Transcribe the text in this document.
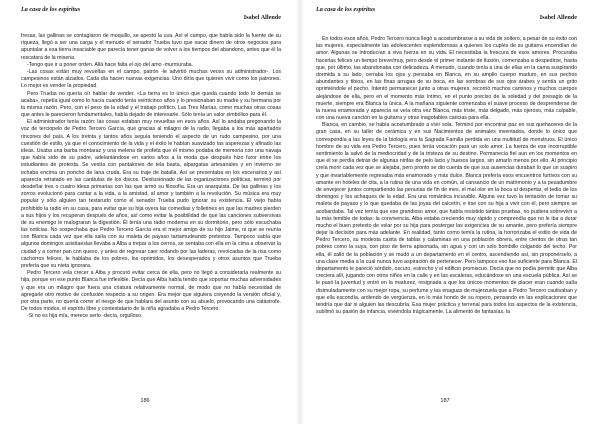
La casa de los espíritus
Isabel Allende

fresas, las gallinas se contagiaron de moquillo, se apestó la uva. Así el campo, que había sido la fuente de su riqueza, llegó a ser una carga y el menudo el senador Trueba tuvo que sacar dinero de otros negocios para apuntalar a esa tierra insaciable que parecía tener ganas de volver a los tiempos del abandono, antes que él la rescatara de la miseria.

-Tengo que ir a poner orden. Allá hace falta el ojo del amo -murmuraba.

-Las cosas están muy revueltas en el campo, patrón -le advirtió muchas veces su administrador-. Los campesinos están alzados. Cada día hacen nuevas exigencias. Uno diría que quieren vivir como los patrones. Lo mejor es vender la propiedad.

Pero Trueba no quería oír hablar de vender. «La tierra es lo único que queda cuando todo lo demás se acaba», repetía igual como lo hacía cuando tenía veinticinco años y lo presionaban su madre y su hermana por la misma razón. Pero, con el peso de la edad y el trabajo político, Las Tres Marías, como muchas otras cosas que antes le parecieron fundamentales, había dejado de interesarle. Sólo tenía un valor simbólico para él.

El administrador tenía razón: las cosas estaban muy revueltas en esos años. Así lo andaba pregonando la voz de terciopelo de Pedro Tercero García, que gracias al milagro de la radio, llegaba a los más apartados rincones del país. A los treinta y tantos años seguía teniendo el aspecto de un rudo campesino, por una cuestión de estilo, ya que el conocimiento de la vida y el éxito le habían suavizado las asperezas y afinado las ideas. Usaba una barba montaraz y una melena de profeta que él mismo podaba de memoria con una navaja que había sido de su padre, adelantándose en varios años a la moda que después hizo furor entre los estudiantes de protesta. Se vestía con pantalones de tela basta, alpargatas artesanales y en invierno se echaba encima un poncho de lana cruda. Era su traje de batalla. Así se presentaba en los escenarios y así aparecía retratado en las carátulas de los discos. Desilusionado de las organizaciones políticas, terminó por desdeñar tres o cuatro ideas primarias con las que armó su filosofía. Era un anarquista. De las gallinas y los zorros evolucionó para cantar a la vida, a la amistad, al amor y también a la revolución. Su música era muy popular y sólo alguien tan testarudo como el senador Trueba pudo ignorar su existencia. El viejo había prohibido la radio en su casa, para evitar que su hija oyera las comedias y folletines en que las madres pierden a sus hijos y los recuperan después de años, así como evitar la posibilidad de que las canciones subversivas de su enemigo le malograran la digestión. Él tenía una radio moderna en su dormitorio, pero sólo escuchaba las noticias. No sospechaba que Pedro Tercero García era el mejor amigo de su hijo Jaime, ni que se reunía con Blanca cada vez que ella salía con su maleta de payaso tartamudeando pretextos. Tampoco sabía que algunos domingos asistíaeslas llevaba a Alba a trepar a los cerros, se sentaba con ella en la cima a observar la ciudad y a comer pan con queso, y antes de regresar caer rodando por las laderas, revolcadas de la risa como cachorros felices, le hablaba de los pobres, los oprimidos, los desesperados y otros asuntos que Trueba prefería que su nieta ignorara.

Pedro Tercero vela crecer a Alba y procuró evitar cerca de ella, pero no llegó a considerarla realmente su hija, porque en ese punto Blanca fue inflexible. Decía que Alba había tenido que soportar muchas adversidades y que era un milagro que fuera una criatura relativamente normal, de modo que no había necesidad de agregarle otro motivo de confusión respecto a su origen. Era mejor que siguiera creyendo la versión oficial y, por otra parte, no quería correr el riesgo de que hablara del asunto con su abuelo, provocando una catástrofe. De todos modos, el espíritu libre y contestatario de la niña agradaba a Pedro Tercero.

-Si no es hija mía, merece serlo -decía, orgulloso.

186
La casa de los espíritus
Isabel Allende

En todos esos años, Pedro Tercero nunca llegó a acostumbrarse a su vida de soltero, a pesar de su éxito con las mujeres, especialmente las adolescentes esplendorosas a quienes los cuplés de su guitarra encendían de amor. Algunas se introducían a viva fuerza en su vida. El necesitaba la frescura de esos amores. Procuraba hacerlas felices un tiempo breve/muy, pero desde el primer instante de ilusión, comenzaba a despedirse, hasta que, por último, las abandonaba con delicadeza. A menudo, cuando tenía a una de ellas en la cama suspirando dormida a su lado, cerraba los ojos y pensaba en Blanca, en su amplio cuerpo maduro, en sus pechos abundantes y tibios, en las finas arrugas de su boca, en las sombras de sus ojos árabes y sentía un grito oprimiéndole el pecho. Intentó permanecer junto a otras mujeres, recorrió muchos caminos y muchos cuerpos alejándose de ella, pero en el momento más íntimo, en el punto preciso de la soledad y del presagio de la muerte, siempre era Blanca la única. A la mañana siguiente comenzaba el suave proceso de desprenderse de la nueva enamorada y aparecía se veía otra vez Blanca, más triste, más delgado, más ojeroso, más culpable, con una nueva canción en la guitarra y otras inagotables caricias para ella.

Blanca, en cambio, se había acostumbrado a vivir sola. Terminó por encontrar paz en sus quehaceres de la gran casa, en su taller de cerámica y en sus Nacimientos de animales inventados, donde lo único que correspondía a las leyes de la biología era la Sagrada Familia perdida en una multitud de monstruos. El único hombre de su vida era Pedro Tercero, pues tenía vocación para un solo amor. La fuerza de ese incorruptible sentimiento la salvó de la mediocridad y de la tristeza de su destino. Permanecía fiel aun en los momentos en que él se perdía detrás de algunas ninfas de pelo lacio y huesos largos, sin amarlo menos por ello. Al principio creía morir cada vez que se alejaba, pero pronto se dio cuenta de que sus ausencias duraban lo que un suspiro y que invariablemente regresaba más enamorado y más dulce. Blanca prefería esos encuentros furtivos con su amante en hoteles de cita, a la rutina de una vida en común, al cansancio de un matrimonio y a la pesadumbre de envejecer juntos compartiendo las penurias de fin de mes, el mal olor en la boca al despertar, el tedio de los domingos y los achaques de la edad. Era una romántica incurable. Alguna vez tuvo la tentación de tomar su maleta de payaso y lo que quedaba de las joyas del calcetín, e irse con su hija a vivir con él, pero siempre se acobardaba. Tal vez temía que ese grandioso amor, que había resistido tantas pruebas, no pudiera sobrevivir a la más temible de todas: la convivencia. Alba estaba creciendo muy rápido y comprendía que no le iba a durar mucho el buen pretexto de velar por su hija para postergar las exigencias de su amante, pero prefería siempre dejar la decisión para más adelante. En realidad, tanto como temía la rutina, la horrorizaba el estilo de vida de Pedro Tercero, su modesta casita de tablas y calaminas en una población obrera, entre cientos de otras tan pobres como la suya, con piso de tierra apisonada, sin agua y con un solo bombillo colgando del techo. Por ella, él salió de la población y se mudó a un departamento en el centro, ascendiendo así, sin proponérselo, a una clase media a la cual nunca tuvo aspiración de pertenecer. Pero tampoco eso fue suficiente para Blanca. El departamento le pareció sórdido, oscuro, estrecho y el edificio promiscuo. Decía que no podía permitir que Alba creciera allí, jugando con otros niños en la calle y en las escaleras, educándose en una escuela pública. Así se le pasó la juventud y entró en la madurez, resignada a que los únicos momentos de placer eran cuando salía disimuladamente con su mejor ropa, su perfume y las enaguas de mujerzuela que a Pedro Tercero cautivaban y que ella escondía, ardiendo de vergüenza, en lo más hondo de su ropero, pensando en las explicaciones que tendría que dar si alguien las descubría. Esa mujer práctica y terrenal para todos los aspectos de la existencia, sublimó su pasión de infancia, viviéndola trágicamente. La alimentó de fantasías, la

187
